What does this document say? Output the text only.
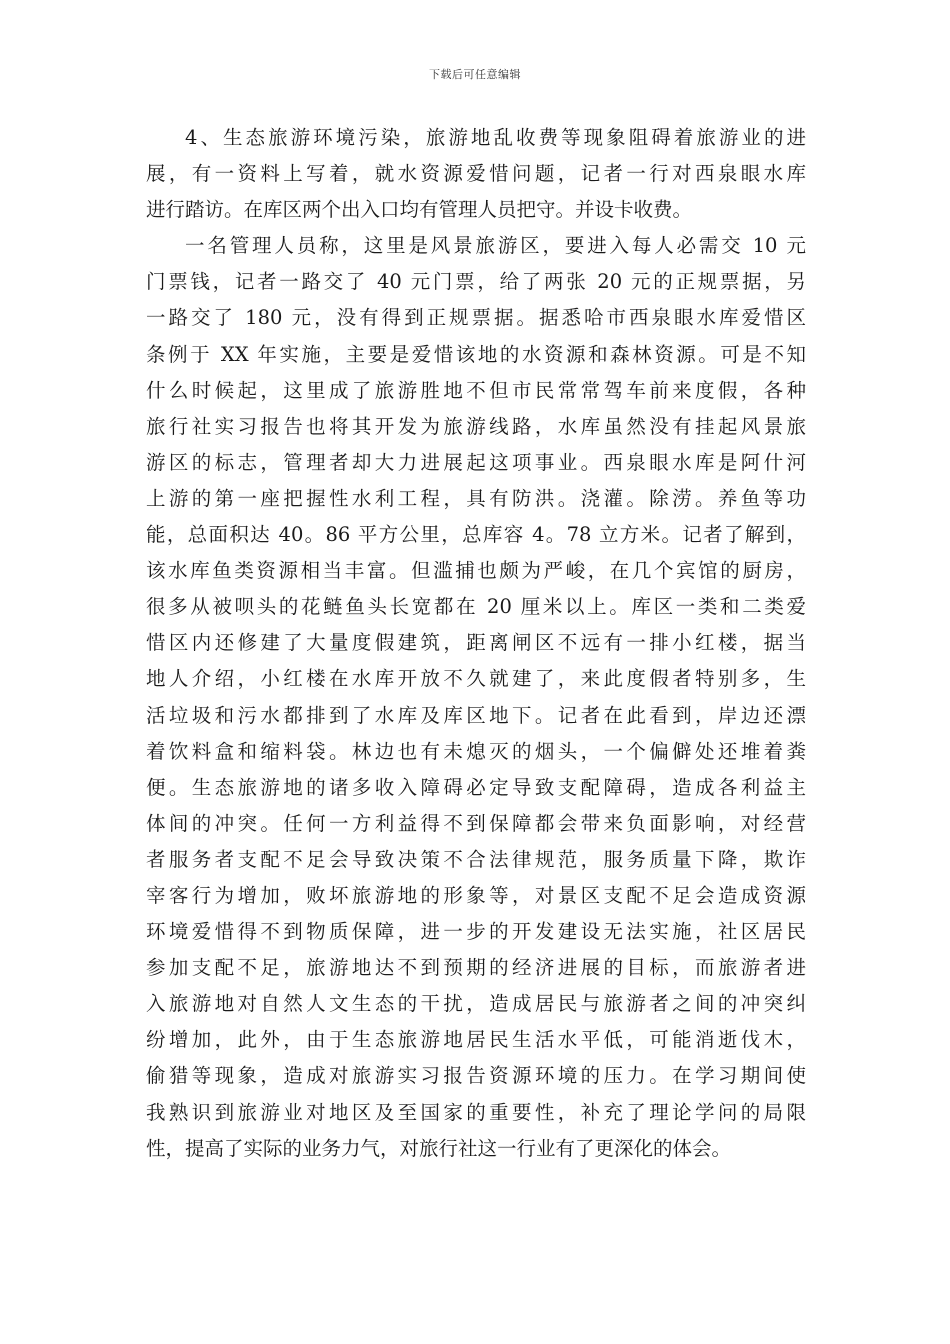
下载后可任意编辑
4、生态旅游环境污染，旅游地乱收费等现象阻碍着旅游业的进
展，有一资料上写着，就水资源爱惜问题，记者一行对西泉眼水库
进行踏访。在库区两个出入口均有管理人员把守。并设卡收费。
一名管理人员称，这里是风景旅游区，要进入每人必需交 10 元
门票钱，记者一路交了 40 元门票，给了两张 20 元的正规票据，另
一路交了 180 元，没有得到正规票据。据悉哈市西泉眼水库爱惜区
条例于 XX 年实施，主要是爱惜该地的水资源和森林资源。可是不知
什么时候起，这里成了旅游胜地不但市民常常驾车前来度假，各种
旅行社实习报告也将其开发为旅游线路，水库虽然没有挂起风景旅
游区的标志，管理者却大力进展起这项事业。西泉眼水库是阿什河
上游的第一座把握性水利工程，具有防洪。浇灌。除涝。养鱼等功
能，总面积达 40。86 平方公里，总库容 4。78 立方米。记者了解到，
该水库鱼类资源相当丰富。但滥捕也颇为严峻，在几个宾馆的厨房，
很多从被呗头的花鲢鱼头长宽都在 20 厘米以上。库区一类和二类爱
惜区内还修建了大量度假建筑，距离闸区不远有一排小红楼，据当
地人介绍，小红楼在水库开放不久就建了，来此度假者特别多，生
活垃圾和污水都排到了水库及库区地下。记者在此看到，岸边还漂
着饮料盒和缩料袋。林边也有未熄灭的烟头，一个偏僻处还堆着粪
便。生态旅游地的诸多收入障碍必定导致支配障碍，造成各利益主
体间的冲突。任何一方利益得不到保障都会带来负面影响，对经营
者服务者支配不足会导致决策不合法律规范，服务质量下降，欺诈
宰客行为增加，败坏旅游地的形象等，对景区支配不足会造成资源
环境爱惜得不到物质保障，进一步的开发建设无法实施，社区居民
参加支配不足，旅游地达不到预期的经济进展的目标，而旅游者进
入旅游地对自然人文生态的干扰，造成居民与旅游者之间的冲突纠
纷增加，此外，由于生态旅游地居民生活水平低，可能消逝伐木，
偷猎等现象，造成对旅游实习报告资源环境的压力。在学习期间使
我熟识到旅游业对地区及至国家的重要性，补充了理论学问的局限
性，提高了实际的业务力气，对旅行社这一行业有了更深化的体会。
